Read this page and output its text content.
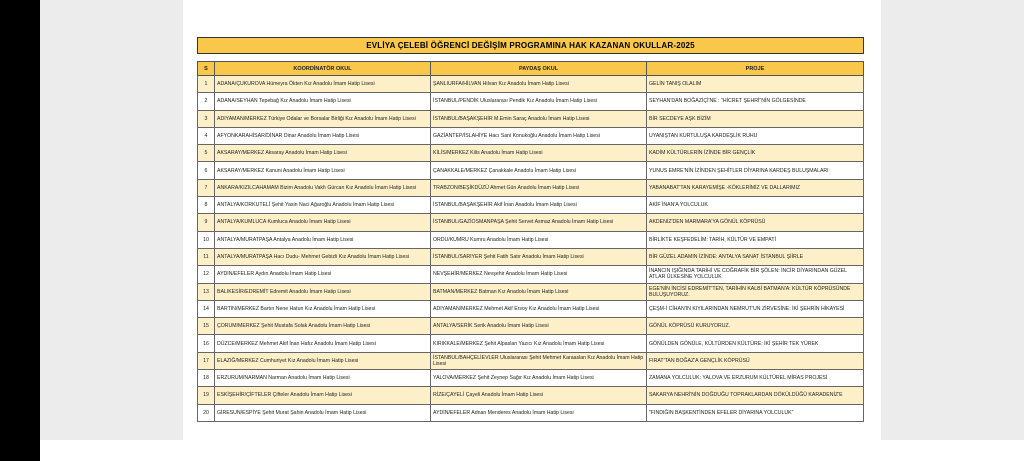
EVLİYA ÇELEBİ ÖĞRENCİ DEĞİŞİM PROGRAMINA HAK KAZANAN OKULLAR-2025
S	KOORDİNATÖR OKUL	PAYDAŞ OKUL	PROJE
1	ADANA/ÇUKUROVA Hümeyra Ökten Kız Anadolu İmam Hatip Lisesi	ŞANLIURFA/HİLVAN Hilvan Kız Anadolu İmam Hatip Lisesi	GELİN TANIŞ OLALIM
2	ADANA/SEYHAN Tepebağ Kız Anadolu İmam Hatip Lisesi	İSTANBUL/PENDİK Uluslararası Pendik Kız Anadolu İmam Hatip Lisesi	SEYHAN'DAN BOĞAZİÇİ'NE : "HİCRET ŞEHRİ"NİN GÖLGESİNDE
3	ADIYAMAN/MERKEZ Türkiye Odalar ve Borsalar Birliği Kız Anadolu İmam Hatip Lisesi	İSTANBUL/BAŞAKŞEHİR M.Emin Saraç Anadolu İmam Hatip Lisesi	BİR SECDEYE AŞK BİZİM
4	AFYONKARAHİSAR/DİNAR Dinar Anadolu İmam Hatip Lisesi	GAZİANTEP/İSLAHİYE Hacı Sani Konukoğlu Anadolu İmam Hatip Lisesi	UYANIŞTAN KURTULUŞA KARDEŞLİK RUHU
5	AKSARAY/MERKEZ Aksaray Anadolu İmam Hatip Lisesi	KİLİS/MERKEZ Kilis Anadolu İmam Hatip Lisesi	KADİM KÜLTÜRLERİN İZİNDE BİR GENÇLİK
6	AKSARAY/MERKEZ Kanuni Anadolu İmam Hatip Lisesi	ÇANAKKALE/MERKEZ Çanakkale Anadolu İmam Hatip Lisesi	YUNUS EMRE'NİN İZİNDEN ŞEHİTLER DİYARINA KARDEŞ BULUŞMALARI
7	ANKARA/KIZILCAHAMAM Bizim Anadolu Vakfı Gürcan Kız Anadolu İmam Hatip Lisesi	TRABZON/BEŞİKDÜZÜ Ahmet Gün Anadolu İmam Hatip Lisesi	YABANABAT'TAN KARAYEMİŞE -KÖKLERİMİZ VE DALLARIMIZ
8	ANTALYA/KORKUTELİ Şehit Yasin Naci Ağaroğlu Anadolu İmam Hatip Lisesi	İSTANBUL/BAŞAKŞEHİR Akif İnan Anadolu İmam Hatip Lisesi	AKİF İNAN'A YOLCULUK
9	ANTALYA/KUMLUCA Kumluca Anadolu İmam Hatip Lisesi	İSTANBUL/GAZİOSMANPAŞA Şehit Servet Asmaz Anadolu İmam Hatip Lisesi	AKDENİZ'DEN MARMARA'YA GÖNÜL KÖPRÜSÜ
10	ANTALYA/MURATPAŞA Antalya Anadolu İmam Hatip Lisesi	ORDU/KUMRU Kumru Anadolu İmam Hatip Lisesi	BİRLİKTE KEŞFEDELİM: TARİH, KÜLTÜR VE EMPATİ
11	ANTALYA/MURATPAŞA Hacı Dudu- Mehmet Gebizli Kız Anadolu İmam Hatip Lisesi	İSTANBUL/SARIYER Şehit Fatih Satır Anadolu İmam Hatip Lisesi	BİR GÜZEL ADAMIN İZİNDE: ANTALYA SANAT İSTANBUL ŞİİRLE
12	AYDIN/EFELER Aydın Anadolu İmam Hatip Lisesi	NEVŞEHİR/MERKEZ Nevşehir Anadolu İmam Hatip Lisesi	İNANCIN IŞIĞINDA TARİHİ VE COĞRAFİK BİR ŞÖLEN: İNCİR DİYARINDAN GÜZEL ATLAR ÜLKESİNE YOLCULUK
13	BALIKESİR/EDREMİT Edremit Anadolu İmam Hatip Lisesi	BATMAN/MERKEZ Batman Kız Anadolu İmam Hatip Lisesi	EGE'NİN İNCİSİ EDREMİT'TEN, TARİHİN KALBİ BATMAN'A: KÜLTÜR KÖPRÜSÜNDE BULUŞUYORUZ.
14	BARTIN/MERKEZ Bartın Nene Hatun Kız Anadolu İmam Hatip Lisesi	ADIYAMAN/MERKEZ Mehmet Akif Ersoy Kız Anadolu İmam Hatip Lisesi	ÇEŞM-İ CİHAN'IN KIYILARINDAN NEMRUT'UN ZİRVESİNE: İKİ ŞEHRİN HİKAYESİ
15	ÇORUM/MERKEZ Şehit Mustafa Solak Anadolu İmam Hatip Lisesi	ANTALYA/SERİK Serik Anadolu İmam Hatip Lisesi	GÖNÜL KÖPRÜSÜ KURUYORUZ.
16	DÜZCE/MERKEZ Mehmet Akif İnan Hafız Anadolu İmam Hatip Lisesi	KIRIKKALE/MERKEZ Şehit Alpaslan Yazıcı Kız Anadolu İmam Hatip Lisesi	GÖNÜLDEN GÖNÜLE, KÜLTÜRDEN KÜLTÜRE: İKİ ŞEHİR TEK YÜREK
17	ELAZIĞ/MERKEZ Cumhuriyet Kız Anadolu İmam Hatip Lisesi	İSTANBUL/BAHÇELİEVLER Uluslararası Şehit Mehmet Karaaslan Kız Anadolu İmam Hatip Lisesi	FIRAT'TAN BOĞAZ'A GENÇLİK KÖPRÜSÜ
18	ERZURUM/NARMAN Narman Anadolu İmam Hatip Lisesi	YALOVA/MERKEZ Şehit Zeynep Sağır Kız Anadolu İmam Hatip Lisesi	ZAMANA YOLCULUK: YALOVA VE ERZURUM KÜLTÜREL MİRAS PROJESİ
19	ESKİŞEHİR/ÇİFTELER Çifteler Anadolu İmam Hatip Lisesi	RİZE/ÇAYELİ Çayeli Anadolu İmam Hatip Lisesi	SAKARYA NEHRİ'NİN DOĞDUĞU TOPRAKLARDAN DÖKÜLDÜĞÜ KARADENİZ'E
20	GİRESUN/ESPİYE Şehit Murat Şahin Anadolu İmam Hatip Lisesi	AYDIN/EFELER Adnan Menderes Anadolu İmam Hatip Lisesi	"FINDIĞIN BAŞKENTİNDEN EFELER DİYARINA YOLCULUK"
